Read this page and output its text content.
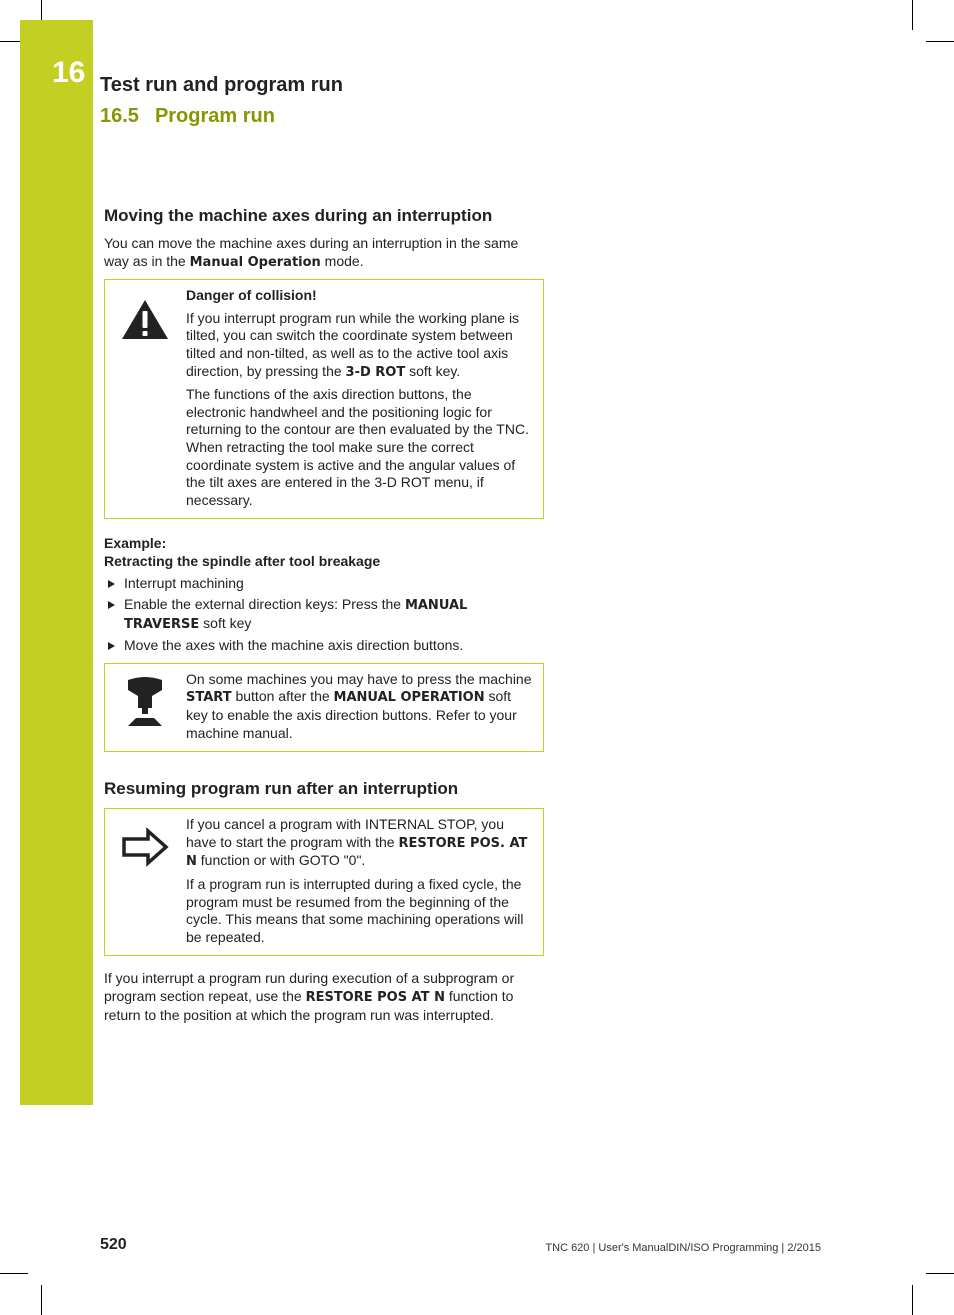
16 Test run and program run
16.5 Program run
Moving the machine axes during an interruption

You can move the machine axes during an interruption in the same way as in the Manual Operation mode.

Danger of collision!

If you interrupt program run while the working plane is tilted, you can switch the coordinate system between tilted and non-tilted, as well as to the active tool axis direction, by pressing the 3-D ROT soft key.

The functions of the axis direction buttons, the electronic handwheel and the positioning logic for returning to the contour are then evaluated by the TNC. When retracting the tool make sure the correct coordinate system is active and the angular values of the tilt axes are entered in the 3-D ROT menu, if necessary.

Example:
Retracting the spindle after tool breakage
Interrupt machining
Enable the external direction keys: Press the MANUAL TRAVERSE soft key
Move the axes with the machine axis direction buttons.

On some machines you may have to press the machine START button after the MANUAL OPERATION soft key to enable the axis direction buttons. Refer to your machine manual.

Resuming program run after an interruption

If you cancel a program with INTERNAL STOP, you have to start the program with the RESTORE POS. AT N function or with GOTO "0".

If a program run is interrupted during a fixed cycle, the program must be resumed from the beginning of the cycle. This means that some machining operations will be repeated.

If you interrupt a program run during execution of a subprogram or program section repeat, use the RESTORE POS AT N function to return to the position at which the program run was interrupted.

520	TNC 620 | User's ManualDIN/ISO Programming | 2/2015
